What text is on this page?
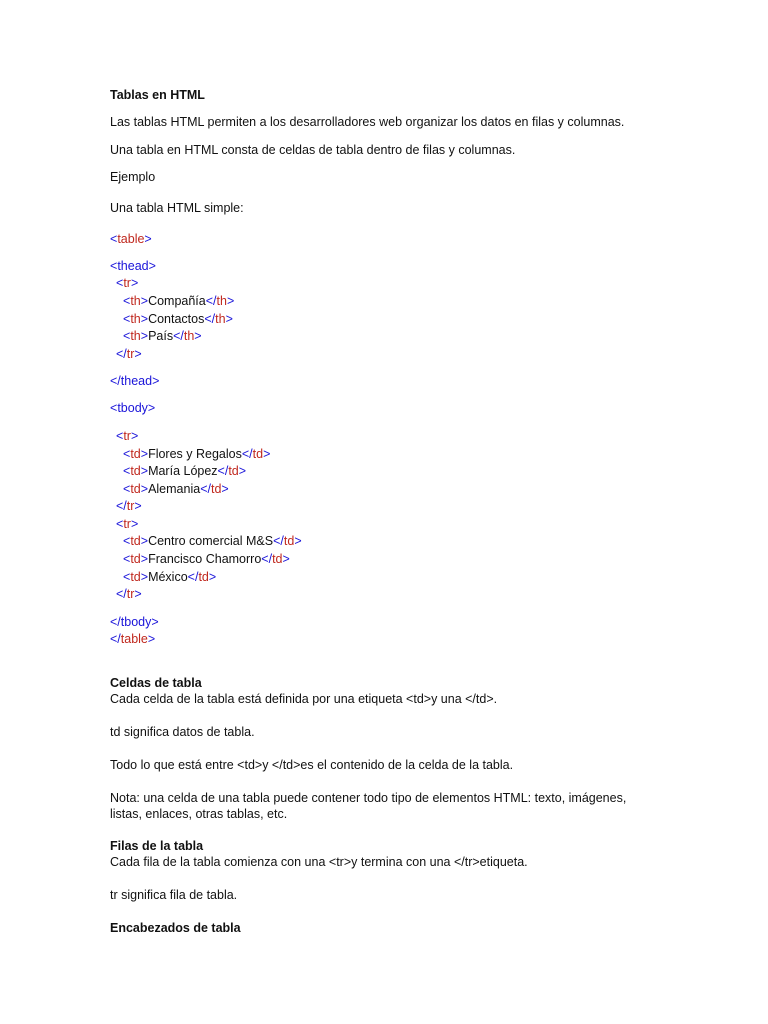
Tablas en HTML
Las tablas HTML permiten a los desarrolladores web organizar los datos en filas y columnas.
Una tabla en HTML consta de celdas de tabla dentro de filas y columnas.
Ejemplo
Una tabla HTML simple:
<table>
<thead>
<tr>
<th>Compañía</th>
<th>Contactos</th>
<th>País</th>
</tr>
</thead>
<tbody>
<tr>
<td>Flores y Regalos</td>
<td>María López</td>
<td>Alemania</td>
</tr>
<tr>
<td>Centro comercial M&S</td>
<td>Francisco Chamorro</td>
<td>México</td>
</tr>
</tbody>
</table>
Celdas de tabla
Cada celda de la tabla está definida por una etiqueta <td>y una </td>.
td significa datos de tabla.
Todo lo que está entre <td>y </td>es el contenido de la celda de la tabla.
Nota: una celda de una tabla puede contener todo tipo de elementos HTML: texto, imágenes,
listas, enlaces, otras tablas, etc.
Filas de la tabla
Cada fila de la tabla comienza con una <tr>y termina con una </tr>etiqueta.
tr significa fila de tabla.
Encabezados de tabla
